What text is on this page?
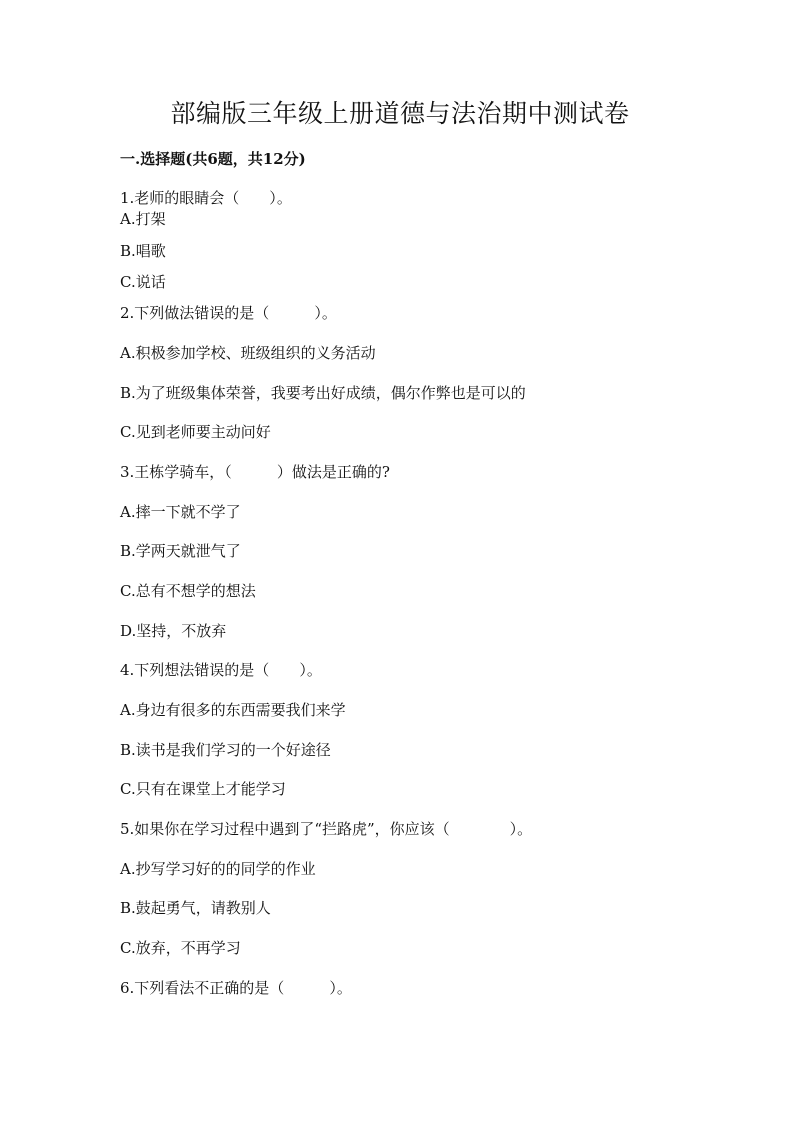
部编版三年级上册道德与法治期中测试卷
一.选择题(共6题，共12分)
1.老师的眼睛会（　　）。
A.打架
B.唱歌
C.说话
2.下列做法错误的是（　　　）。
A.积极参加学校、班级组织的义务活动
B.为了班级集体荣誉，我要考出好成绩，偶尔作弊也是可以的
C.见到老师要主动问好
3.王栋学骑车，（　　　）做法是正确的?
A.摔一下就不学了
B.学两天就泄气了
C.总有不想学的想法
D.坚持，不放弃
4.下列想法错误的是（　　）。
A.身边有很多的东西需要我们来学
B.读书是我们学习的一个好途径
C.只有在课堂上才能学习
5.如果你在学习过程中遇到了“拦路虎”，你应该（　　　　）。
A.抄写学习好的的同学的作业
B.鼓起勇气，请教别人
C.放弃，不再学习
6.下列看法不正确的是（　　　）。
